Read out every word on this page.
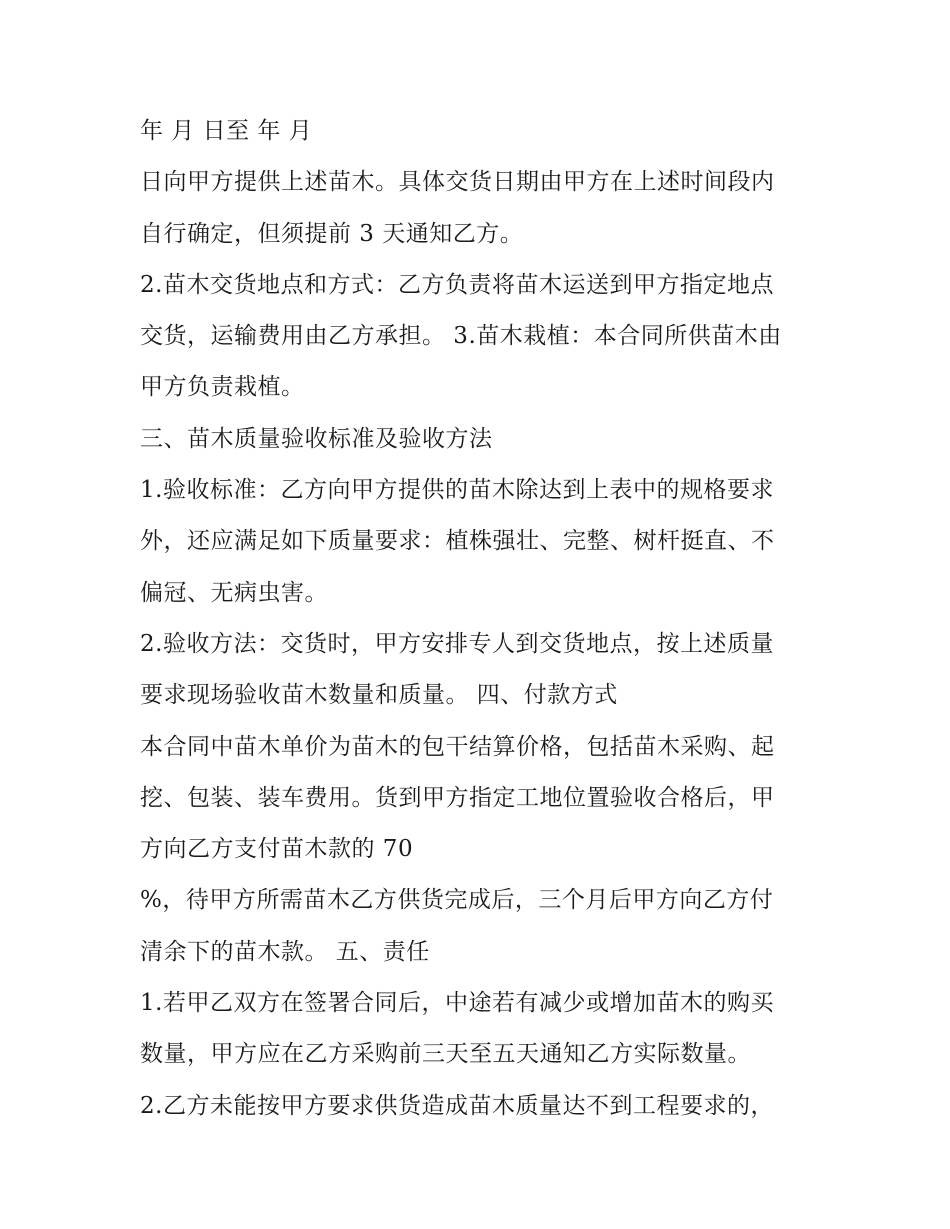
年 月 日至 年 月
日向甲方提供上述苗木。具体交货日期由甲方在上述时间段内
自行确定，但须提前 3 天通知乙方。
2.苗木交货地点和方式：乙方负责将苗木运送到甲方指定地点
交货，运输费用由乙方承担。 3.苗木栽植：本合同所供苗木由
甲方负责栽植。
三、苗木质量验收标准及验收方法
1.验收标准：乙方向甲方提供的苗木除达到上表中的规格要求
外，还应满足如下质量要求：植株强壮、完整、树杆挺直、不
偏冠、无病虫害。
2.验收方法：交货时，甲方安排专人到交货地点，按上述质量
要求现场验收苗木数量和质量。 四、付款方式
本合同中苗木单价为苗木的包干结算价格，包括苗木采购、起
挖、包装、装车费用。货到甲方指定工地位置验收合格后，甲
方向乙方支付苗木款的 70
%，待甲方所需苗木乙方供货完成后，三个月后甲方向乙方付
清余下的苗木款。 五、责任
1.若甲乙双方在签署合同后，中途若有减少或增加苗木的购买
数量，甲方应在乙方采购前三天至五天通知乙方实际数量。
2.乙方未能按甲方要求供货造成苗木质量达不到工程要求的，
